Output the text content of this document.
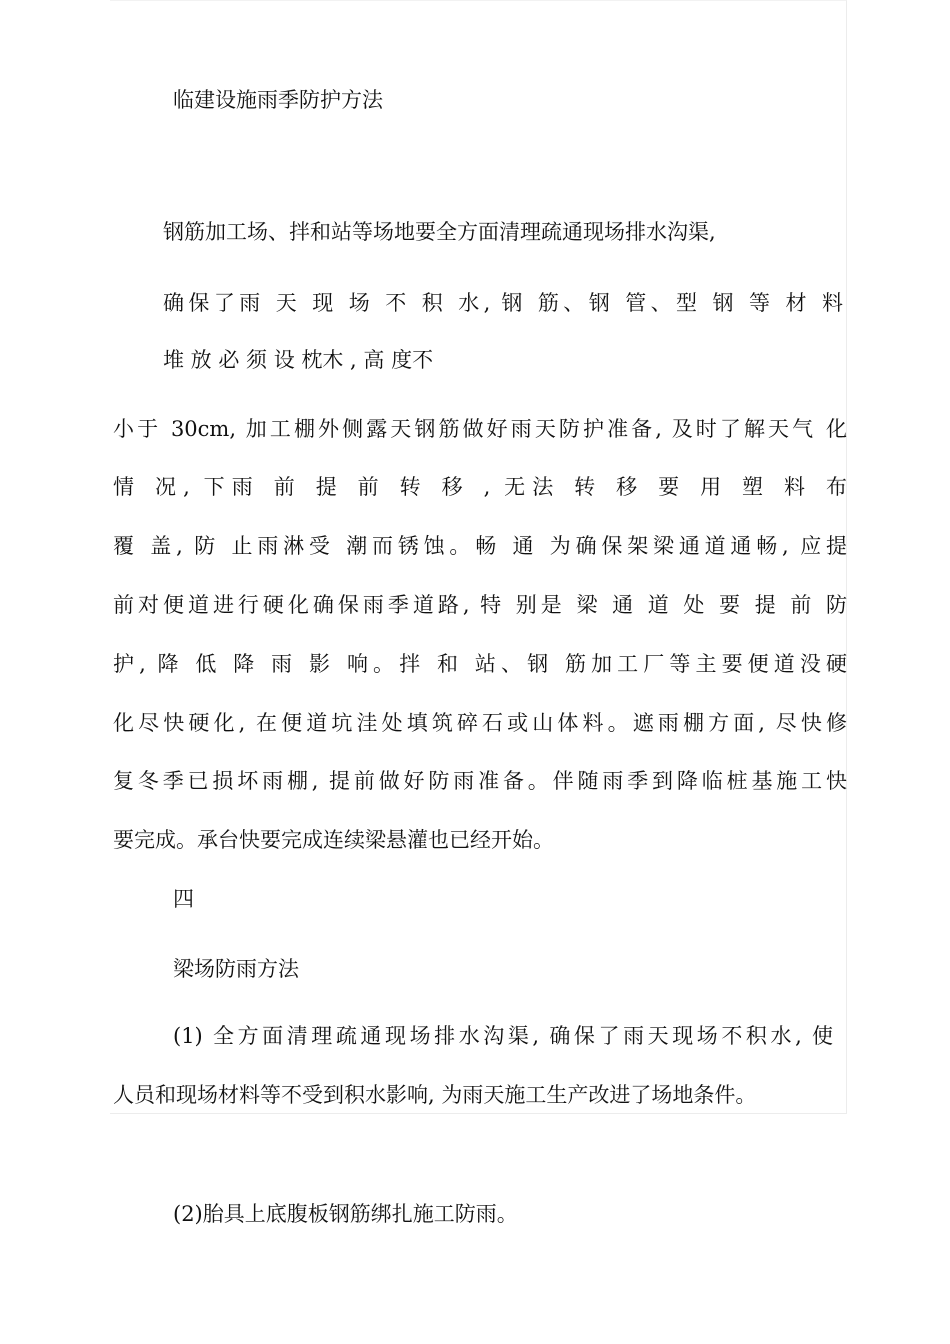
临建设施雨季防护方法
钢筋加工场、拌和站等场地要全方面清理疏通现场排水沟渠,
确保了雨 天 现 场 不 积 水, 钢 筋、钢 管、型 钢 等 材 料
堆 放 必 须 设 枕木 , 高 度不
小于 30cm, 加工棚外侧露天钢筋做好雨天防护准备, 及时了解天气 化
情 况, 下雨 前 提 前 转 移 , 无法 转 移 要 用 塑 料 布
覆 盖, 防 止雨淋受 潮而锈蚀。畅 通 为确保架梁通道通畅, 应提
前对便道进行硬化确保雨季道路, 特 别是 梁 通 道 处 要 提 前 防
护, 降 低 降 雨 影 响。拌 和 站、钢 筋加工厂等主要便道没硬
化尽快硬化, 在便道坑洼处填筑碎石或山体料。遮雨棚方面, 尽快修
复冬季已损坏雨棚, 提前做好防雨准备。伴随雨季到降临桩基施工快
要完成。承台快要完成连续梁悬灌也已经开始。
四
梁场防雨方法
(1) 全方面清理疏通现场排水沟渠, 确保了雨天现场不积水, 使
人员和现场材料等不受到积水影响, 为雨天施工生产改进了场地条件。
(2)胎具上底腹板钢筋绑扎施工防雨。
